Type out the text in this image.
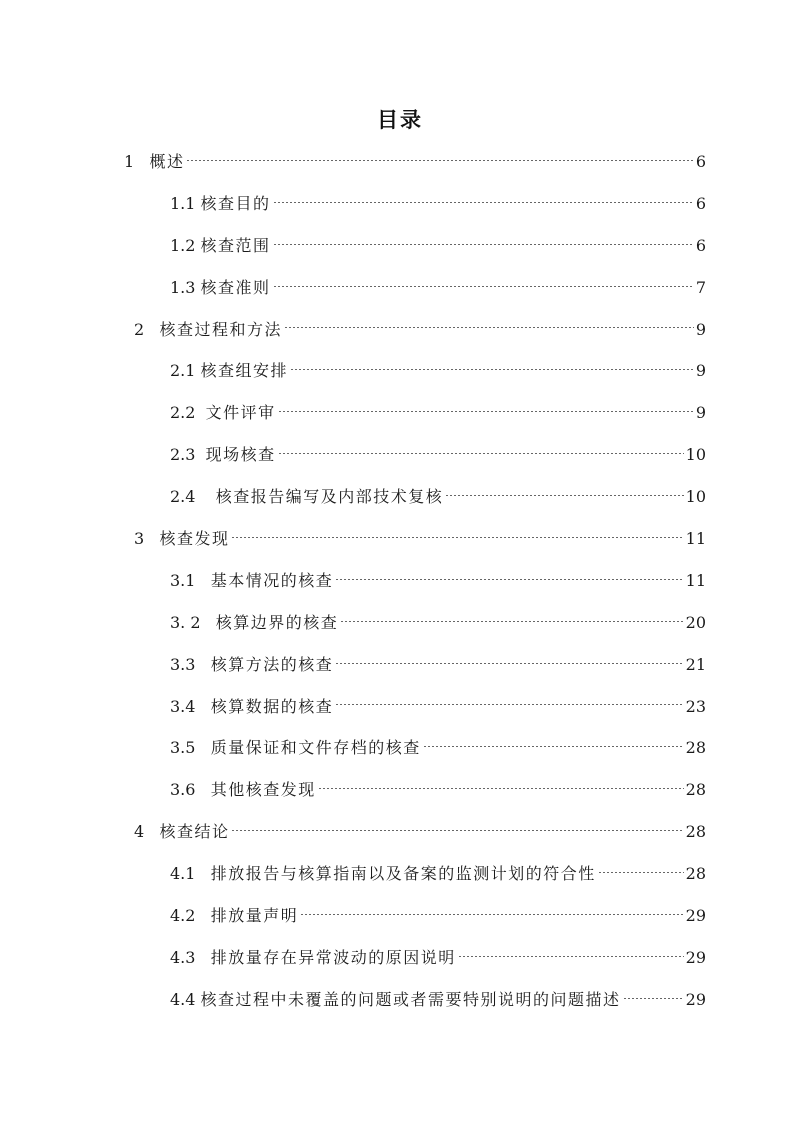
目录
1 概述	6
1.1 核查目的	6
1.2 核查范围	6
1.3 核查准则	7
2 核查过程和方法	9
2.1 核查组安排	9
2.2 文件评审	9
2.3 现场核查	10
2.4 核查报告编写及内部技术复核	10
3 核查发现	11
3.1 基本情况的核查	11
3. 2 核算边界的核查	20
3.3 核算方法的核查	21
3.4 核算数据的核查	23
3.5 质量保证和文件存档的核查	28
3.6 其他核查发现	28
4 核查结论	28
4.1 排放报告与核算指南以及备案的监测计划的符合性	28
4.2 排放量声明	29
4.3 排放量存在异常波动的原因说明	29
4.4 核查过程中未覆盖的问题或者需要特别说明的问题描述	29
